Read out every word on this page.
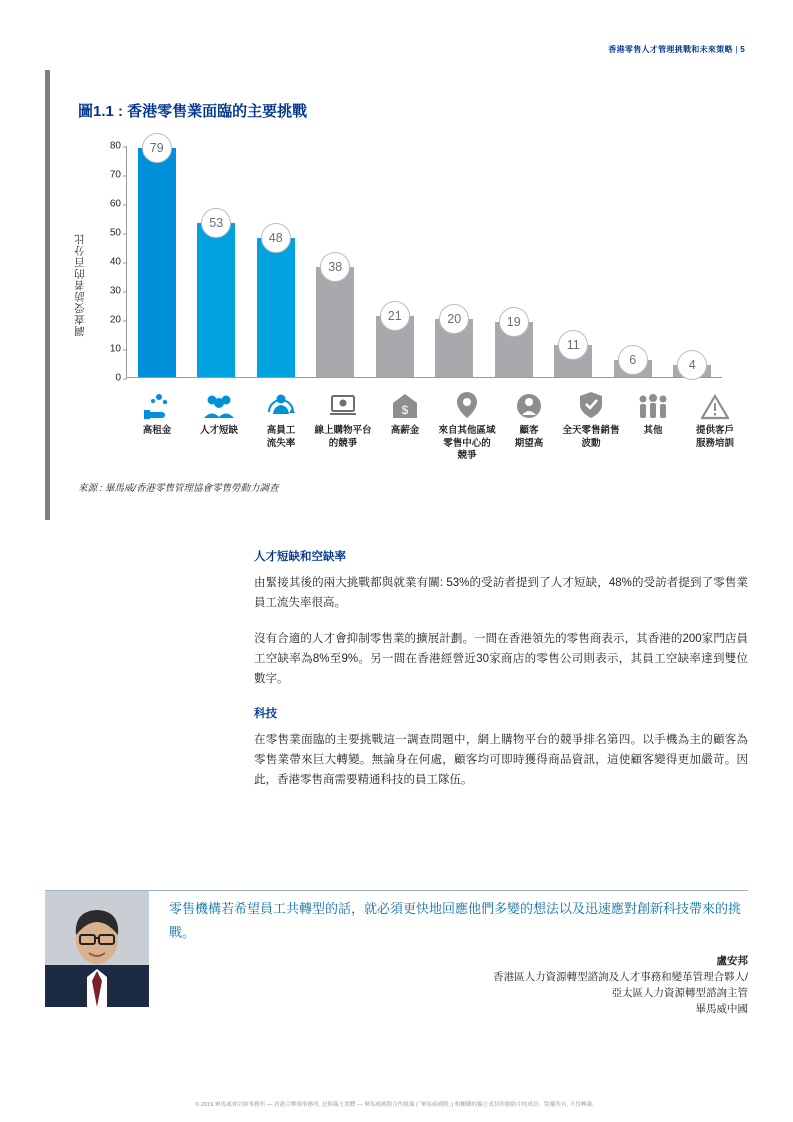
香港零售人才管理挑戰和未來策略 | 5
圖1.1 : 香港零售業面臨的主要挑戰
調查受訪者的百分比
0
10
20
30
40
50
60
70
80	79
53
48
38
21	20	19
11
6	4
高租金	人才短缺	高員工
流失率
線上購物平台
的競爭
$
高薪金	來自其他區域
零售中心的
競爭
顧客
期望高
全天零售銷售
波動
其他	提供客戶
服務培訓
來源 : 畢馬威/香港零售管理協會零售勞動力調查
人才短缺和空缺率

由緊接其後的兩大挑戰都與就業有關: 53%的受訪者提到了人才短缺，48%的受訪者提到了零售業員工流失率很高。

沒有合適的人才會抑制零售業的擴展計劃。一間在香港領先的零售商表示，其香港的200家門店員工空缺率為8%至9%。另一間在香港經營近30家商店的零售公司則表示，其員工空缺率達到雙位數字。

科技

在零售業面臨的主要挑戰這一調查問題中，網上購物平台的競爭排名第四。以手機為主的顧客為零售業帶來巨大轉變。無論身在何處，顧客均可即時獲得商品資訊，這使顧客變得更加嚴苛。因此，香港零售商需要精通科技的員工隊伍。

零售機構若希望員工共轉型的話，就必須更快地回應他們多變的想法以及迅速應對創新科技帶來的挑戰。
盧安邦
香港區人力資源轉型諮詢及人才事務和變革管理合夥人/
亞太區人力資源轉型諮詢主管
畢馬威中國
© 2019 畢馬威會計師事務所 — 香港合夥制事務所, 是與瑞士實體 — 畢馬威國際合作組織 (「畢馬威國際」) 相關聯的獨立成員所網絡中的成員。版權所有, 不得轉載。
